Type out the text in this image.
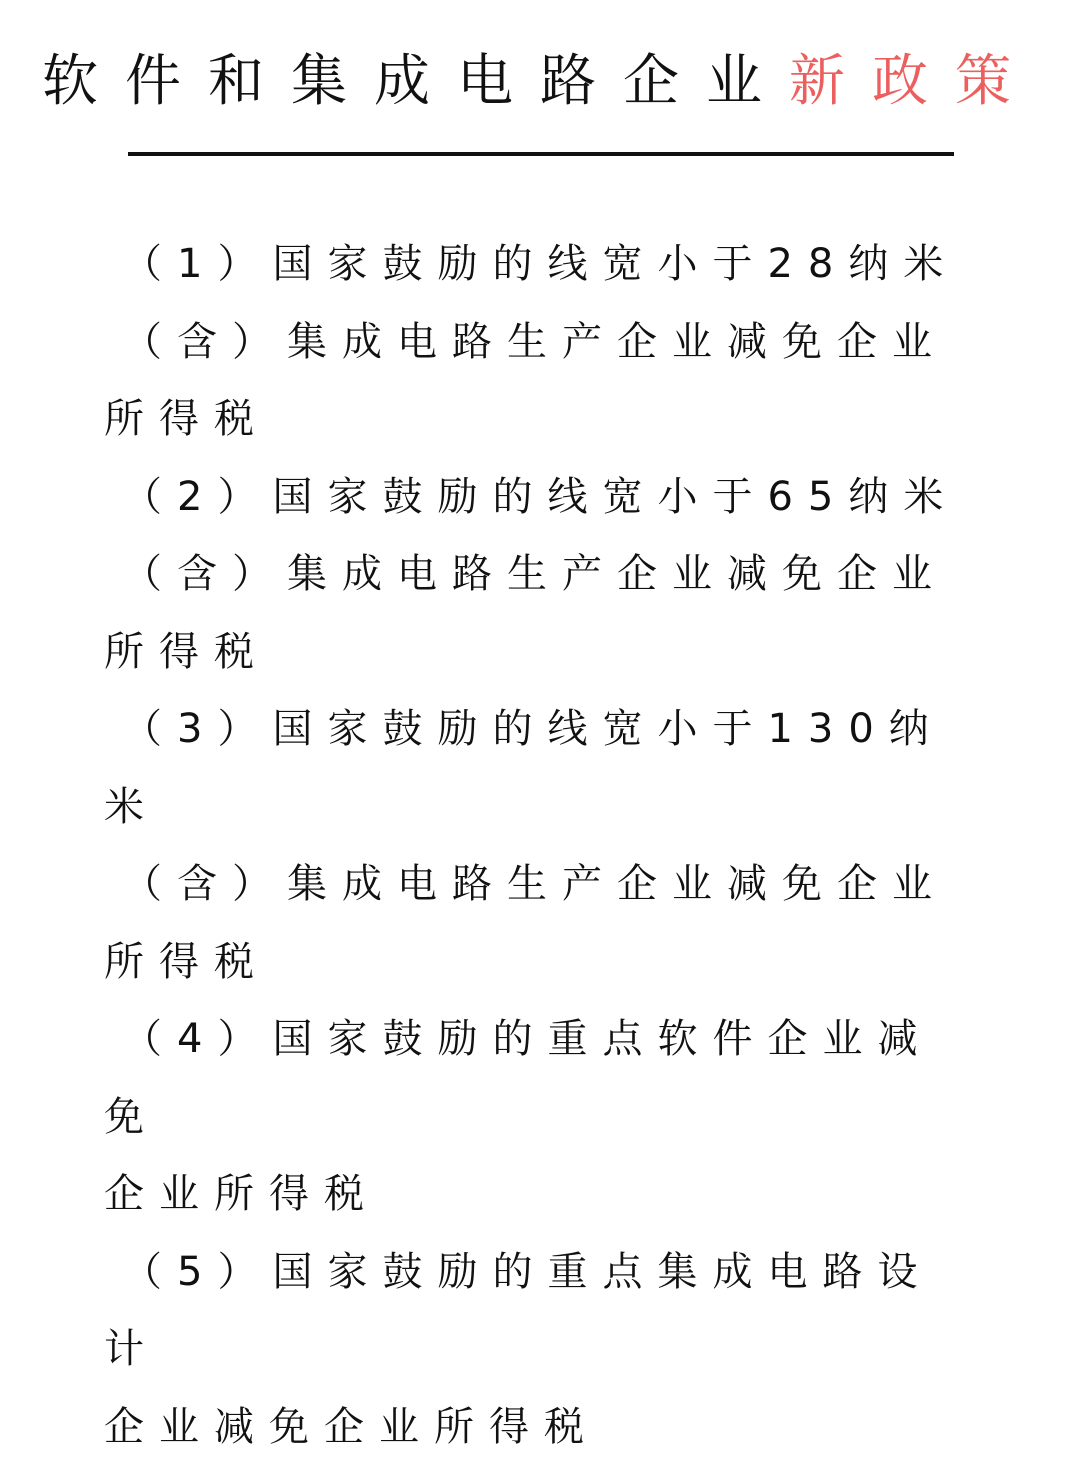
软件和集成电路企业新政策
（1）国家鼓励的线宽小于28纳米
（含）集成电路生产企业减免企业
所得税
（2）国家鼓励的线宽小于65纳米
（含）集成电路生产企业减免企业
所得税
（3）国家鼓励的线宽小于130纳米
（含）集成电路生产企业减免企业
所得税
（4）国家鼓励的重点软件企业减免
企业所得税
（5）国家鼓励的重点集成电路设计
企业减免企业所得税
